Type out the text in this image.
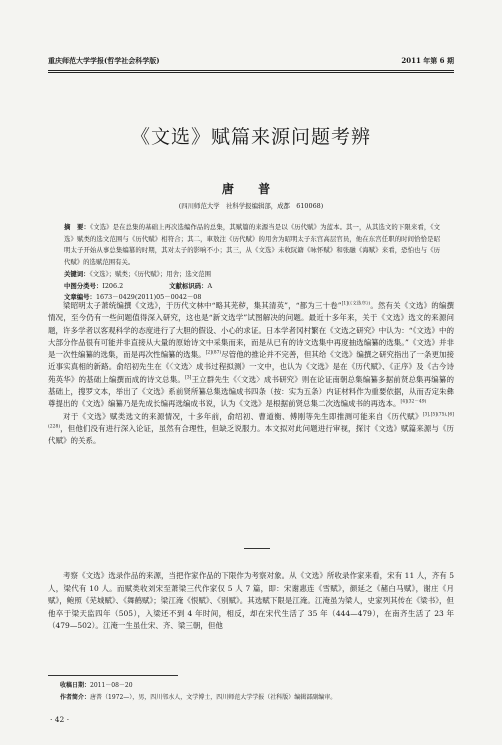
重庆师范大学学报(哲学社会科学版)	2011 年第 6 期
《文选》赋篇来源问题考辨
唐 普
(四川师范大学　社科学报编辑部，成都　610068)
摘　要：《文选》是在总集的基础上再次选编作品的总集，其赋篇的来源当是以《历代赋》为蓝本。其一，从其选文的下限来看，《文选》赋类的选文范围与《历代赋》相符合；其二，車敖注《历代赋》的用舍为昭明太子东宫高层官员，他在东宫任职的时间恰恰是昭明太子开始从事总集编纂的时期，其对太子的影响不小；其三，从《文选》未收阮籍《咏怀赋》和张融《海赋》来看，恐怕也与《历代赋》的选赋范围有关。
关键词：《文选》；赋类；《历代赋》；用舍；选文范围
中图分类号：I206.2	文献标识码：A
文章编号：1673－0429(2011)05－0042－08

梁昭明太子萧统编撰《文选》，于历代文林中“略其芜秽，集其清英”，“都为三十卷”$^{[1](《文选序》)}$。然有关《文选》的编撰情况，至今仍有一些问题值得深入研究，这也是“新文选学”试图解决的问题。最近十多年来，关于《文选》选文的来源问题，许多学者以客观科学的态度进行了大胆的假设、小心的求证。日本学者冈村繁在《文选之研究》中认为：“《文选》中的大部分作品很有可能并非直接从大量的原始诗文中采集而来，而是从已有的诗文选集中再度抽选编纂的选集。”《文选》并非是一次性编纂的选集，而是再次性编纂的选集。$^{[2](87)}$尽管他的推论并不完善，但其给《文选》编撰之研究指出了一条更加接近事实真相的新路。俞绍初先生在《〈文选〉成书过程拟测》一文中，也认为《文选》是在《历代赋》、《正序》及《古今诗苑英华》的基础上编撰而成的诗文总集。[3]王立群先生《〈文选〉成书研究》则在论证南朝总集编纂多据前贤总集再编纂的基础上，搜罗文本，举出了《文选》系前贤所纂总集选编成书四条（按：实为五条）内证材料作为重要依据，从而否定朱彝尊提出的《文选》编纂乃是先成长编再选编成书说，认为《文选》是根据前贤总集二次选编成书的再选本。$^{[4](32-49)}$

对于《文选》赋类选文的来源情况，十多年前，俞绍初、曹道衡、傅刚等先生即推测可能来自《历代赋》$^{[3],[5](75),[6](228)}$，但他们没有进行深入论证，虽然有合理性，但缺乏说服力。本文拟对此问题进行审视，探讨《文选》赋篇来源与《历代赋》的关系。

考察《文选》选录作品的来源，当把作家作品的下限作为考察对象。从《文选》所收录作家来看，宋有 11 人，齐有 5 人，梁代有 10 人。而赋类收刘宋至萧梁三代作家仅 5 人 7 篇，即：宋谢惠连《雪赋》，颜延之《赭白马赋》，谢庄《月赋》，鲍照《芜城赋》、《舞鹤赋》；梁江淹《恨赋》、《别赋》。其选赋下限是江淹。江淹虽为梁人，史家列其传在《梁书》，但他卒于梁天监四年（505），入梁还不到 4 年时间，相反，却在宋代生活了 35 年（444—479），在南齐生活了 23 年（479—502）。江淹一生虽仕宋、齐、梁三朝，但他

收稿日期：2011－08－20
作者简介：唐普（1972—），男，四川邻水人，文学博士，四川师范大学学报（社科版）编辑部副编审。
· 42 ·
